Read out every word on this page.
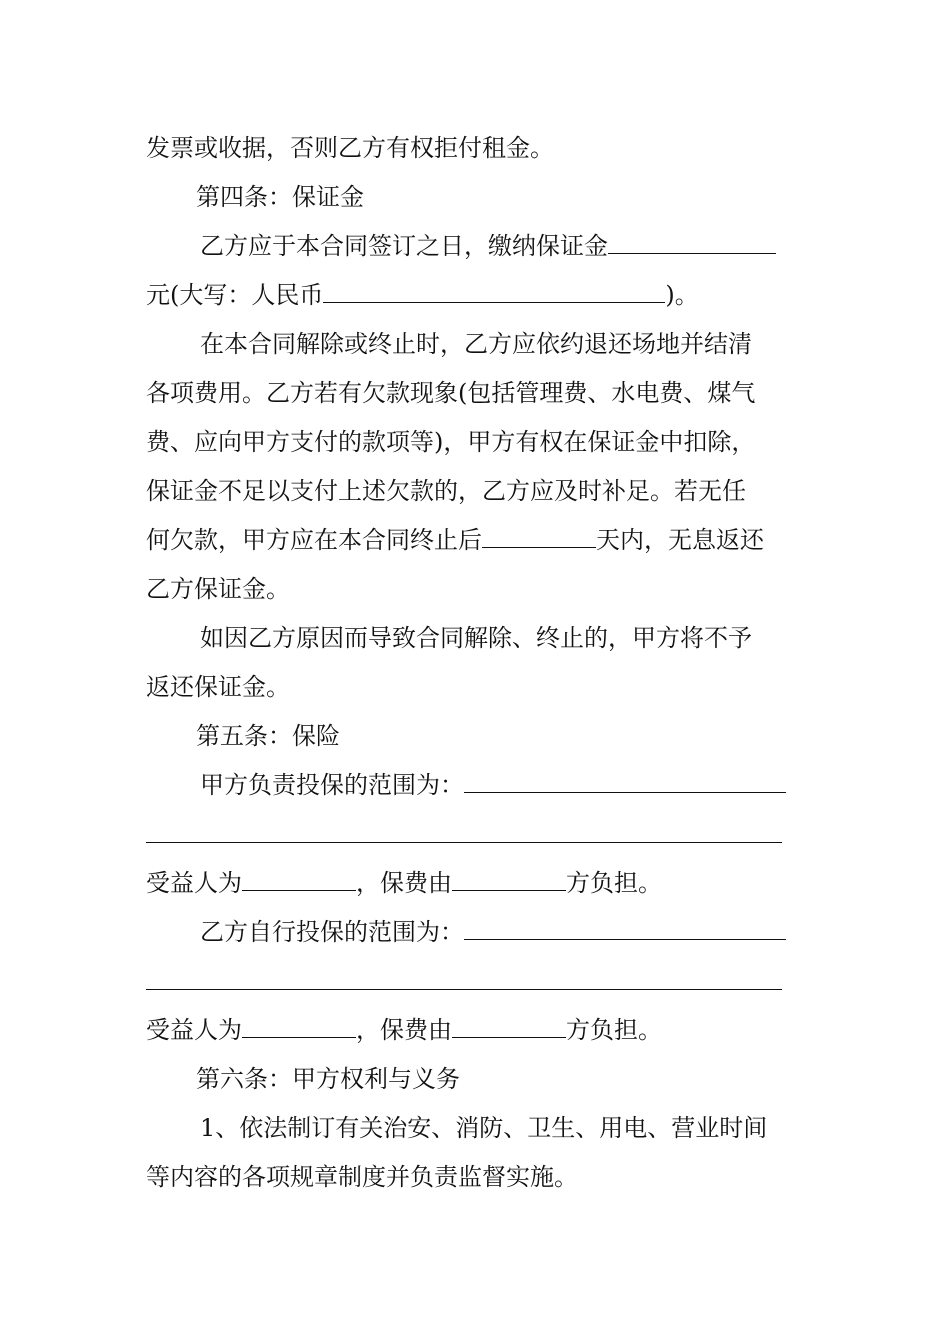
发票或收据，否则乙方有权拒付租金。
第四条：保证金
乙方应于本合同签订之日，缴纳保证金
元(大写：人民币	)。
在本合同解除或终止时，乙方应依约退还场地并结清
各项费用。乙方若有欠款现象(包括管理费、水电费、煤气
费、应向甲方支付的款项等)，甲方有权在保证金中扣除，
保证金不足以支付上述欠款的，乙方应及时补足。若无任
何欠款，甲方应在本合同终止后	天内，无息返还
乙方保证金。
如因乙方原因而导致合同解除、终止的，甲方将不予
返还保证金。
第五条：保险
甲方负责投保的范围为：
受益人为	，保费由	方负担。
乙方自行投保的范围为：
受益人为	，保费由	方负担。
第六条：甲方权利与义务
1、依法制订有关治安、消防、卫生、用电、营业时间
等内容的各项规章制度并负责监督实施。
